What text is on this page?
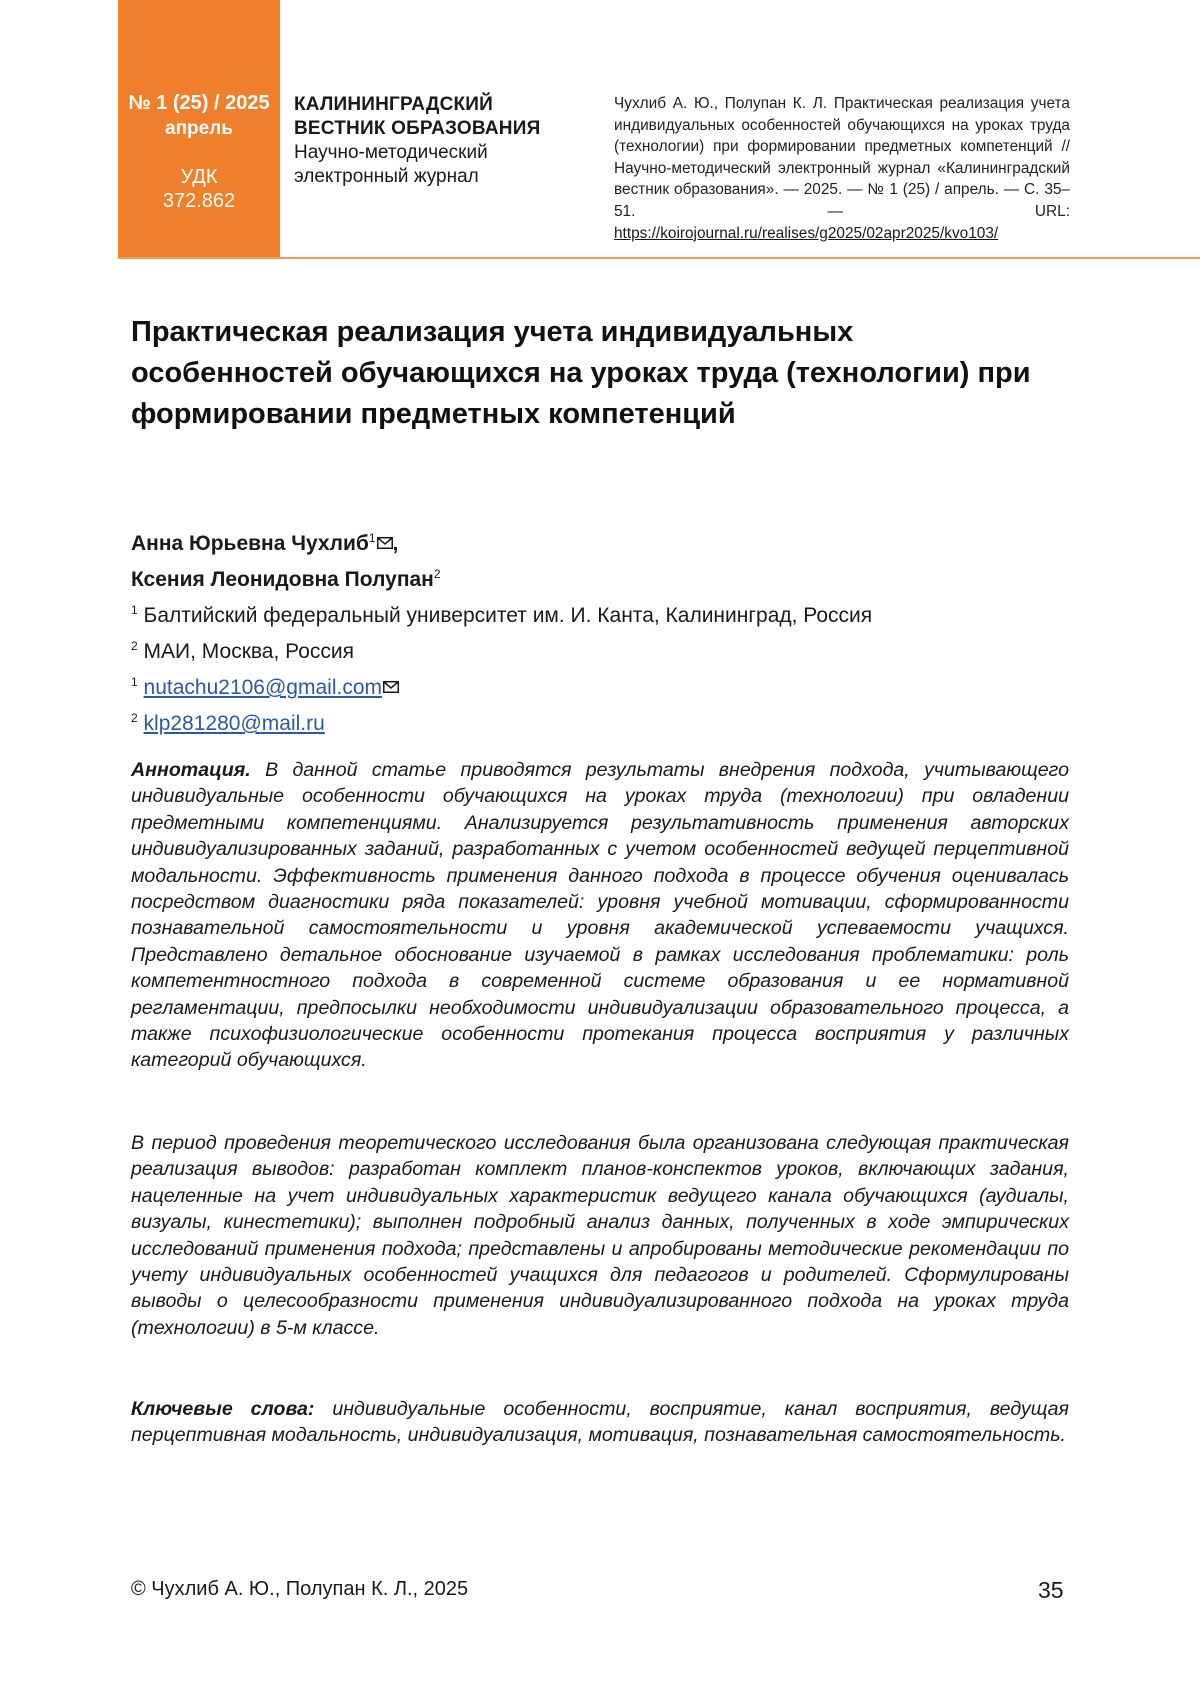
№ 1 (25) / 2025
апрель
УДК
372.862
КАЛИНИНГРАДСКИЙ
ВЕСТНИК ОБРАЗОВАНИЯ
Научно-методический
электронный журнал
Чухлиб А. Ю., Полупан К. Л. Практическая реализация учета индивидуальных особенностей обучающихся на уроках труда (технологии) при формировании предметных компетенций // Научно-методический электронный журнал «Калининградский вестник образования». — 2025. — № 1 (25) / апрель. — С. 35–51. — URL: https://koirojournal.ru/realises/g2025/02apr2025/kvo103/
Практическая реализация учета индивидуальных особенностей обучающихся на уроках труда (технологии) при формировании предметных компетенций
Анна Юрьевна Чухлиб$^1$ ,
Ксения Леонидовна Полупан$^2$
$^1$ Балтийский федеральный университет им. И. Канта, Калининград, Россия
$^2$ МАИ, Москва, Россия
$^1$ nutachu2106@gmail.com
$^2$ klp281280@mail.ru

Аннотация. В данной статье приводятся результаты внедрения подхода, учитывающего индивидуальные особенности обучающихся на уроках труда (технологии) при овладении предметными компетенциями. Анализируется результативность применения авторских индивидуализированных заданий, разработанных с учетом особенностей ведущей перцептивной модальности. Эффективность применения данного подхода в процессе обучения оценивалась посредством диагностики ряда показателей: уровня учебной мотивации, сформированности познавательной самостоятельности и уровня академической успеваемости учащихся. Представлено детальное обоснование изучаемой в рамках исследования проблематики: роль компетентностного подхода в современной системе образования и ее нормативной регламентации, предпосылки необходимости индивидуализации образовательного процесса, а также психофизиологические особенности протекания процесса восприятия у различных категорий обучающихся.

В период проведения теоретического исследования была организована следующая практическая реализация выводов: разработан комплект планов-конспектов уроков, включающих задания, нацеленные на учет индивидуальных характеристик ведущего канала обучающихся (аудиалы, визуалы, кинестетики); выполнен подробный анализ данных, полученных в ходе эмпирических исследований применения подхода; представлены и апробированы методические рекомендации по учету индивидуальных особенностей учащихся для педагогов и родителей. Сформулированы выводы о целесообразности применения индивидуализированного подхода на уроках труда (технологии) в 5-м классе.

Ключевые слова: индивидуальные особенности, восприятие, канал восприятия, ведущая перцептивная модальность, индивидуализация, мотивация, познавательная самостоятельность.

© Чухлиб А. Ю., Полупан К. Л., 2025	35
